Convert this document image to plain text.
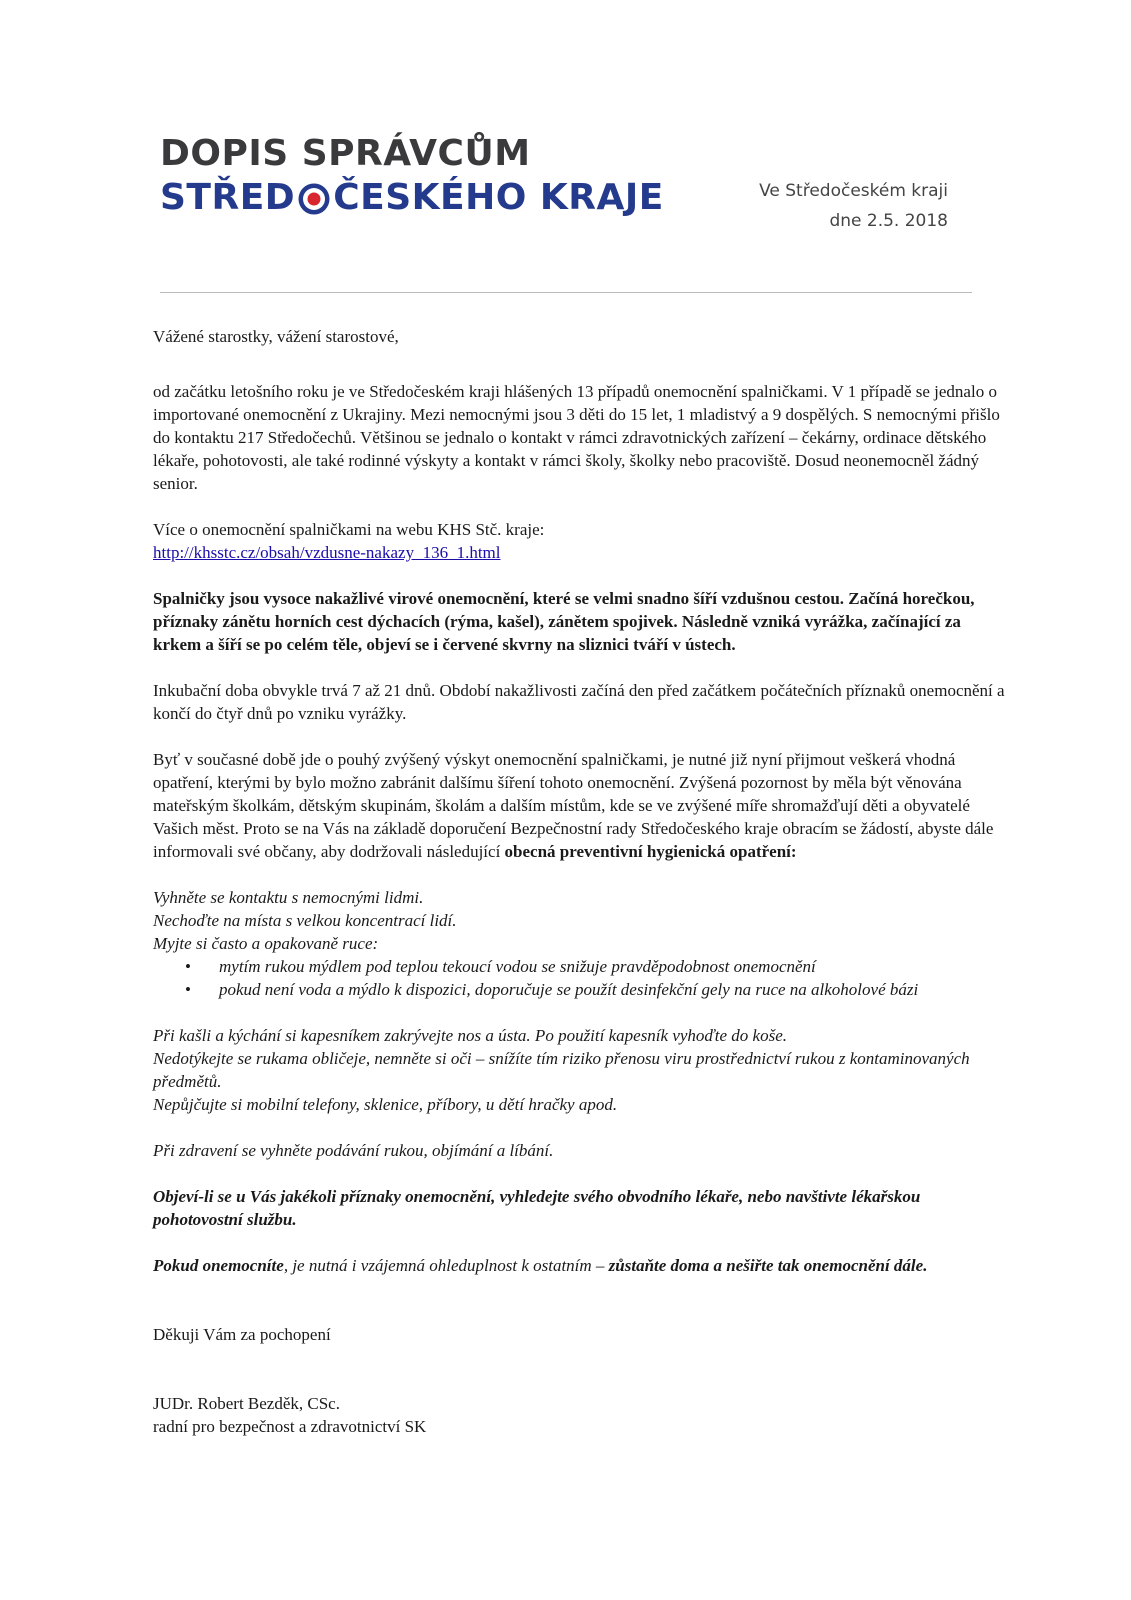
DOPIS SPRÁVCŮM
STŘED ČESKÉHO KRAJE	Ve Středočeském kraji
dne 2.5. 2018

Vážené starostky, vážení starostové,

od začátku letošního roku je ve Středočeském kraji hlášených 13 případů onemocnění spalničkami. V 1 případě se jednalo o importované onemocnění z Ukrajiny. Mezi nemocnými jsou 3 děti do 15 let, 1 mladistvý a 9 dospělých. S nemocnými přišlo do kontaktu 217 Středočechů. Většinou se jednalo o kontakt v rámci zdravotnických zařízení – čekárny, ordinace dětského lékaře, pohotovosti, ale také rodinné výskyty a kontakt v rámci školy, školky nebo pracoviště. Dosud neonemocněl žádný senior.

Více o onemocnění spalničkami na webu KHS Stč. kraje:

http://khsstc.cz/obsah/vzdusne-nakazy_136_1.html

Spalničky jsou vysoce nakažlivé virové onemocnění, které se velmi snadno šíří vzdušnou cestou. Začíná horečkou, příznaky zánětu horních cest dýchacích (rýma, kašel), zánětem spojivek. Následně vzniká vyrážka, začínající za krkem a šíří se po celém těle, objeví se i červené skvrny na sliznici tváří v ústech.

Inkubační doba obvykle trvá 7 až 21 dnů. Období nakažlivosti začíná den před začátkem počátečních příznaků onemocnění a končí do čtyř dnů po vzniku vyrážky.

Byť v současné době jde o pouhý zvýšený výskyt onemocnění spalničkami, je nutné již nyní přijmout veškerá vhodná opatření, kterými by bylo možno zabránit dalšímu šíření tohoto onemocnění. Zvýšená pozornost by měla být věnována mateřským školkám, dětským skupinám, školám a dalším místům, kde se ve zvýšené míře shromažďují děti a obyvatelé Vašich měst. Proto se na Vás na základě doporučení Bezpečnostní rady Středočeského kraje obracím se žádostí, abyste dále informovali své občany, aby dodržovali následující obecná preventivní hygienická opatření:

Vyhněte se kontaktu s nemocnými lidmi.

Nechoďte na místa s velkou koncentrací lidí.

Myjte si často a opakovaně ruce:

• mytím rukou mýdlem pod teplou tekoucí vodou se snižuje pravděpodobnost onemocnění
• pokud není voda a mýdlo k dispozici, doporučuje se použít desinfekční gely na ruce na alkoholové bázi

Při kašli a kýchání si kapesníkem zakrývejte nos a ústa. Po použití kapesník vyhoďte do koše.

Nedotýkejte se rukama obličeje, nemněte si oči – snížíte tím riziko přenosu viru prostřednictví rukou z kontaminovaných předmětů.

Nepůjčujte si mobilní telefony, sklenice, příbory, u dětí hračky apod.

Při zdravení se vyhněte podávání rukou, objímání a líbání.

Objeví-li se u Vás jakékoli příznaky onemocnění, vyhledejte svého obvodního lékaře, nebo navštivte lékařskou pohotovostní službu.

Pokud onemocníte, je nutná i vzájemná ohleduplnost k ostatním – zůstaňte doma a nešiřte tak onemocnění dále.

Děkuji Vám za pochopení

JUDr. Robert Bezděk, CSc.

radní pro bezpečnost a zdravotnictví SK
